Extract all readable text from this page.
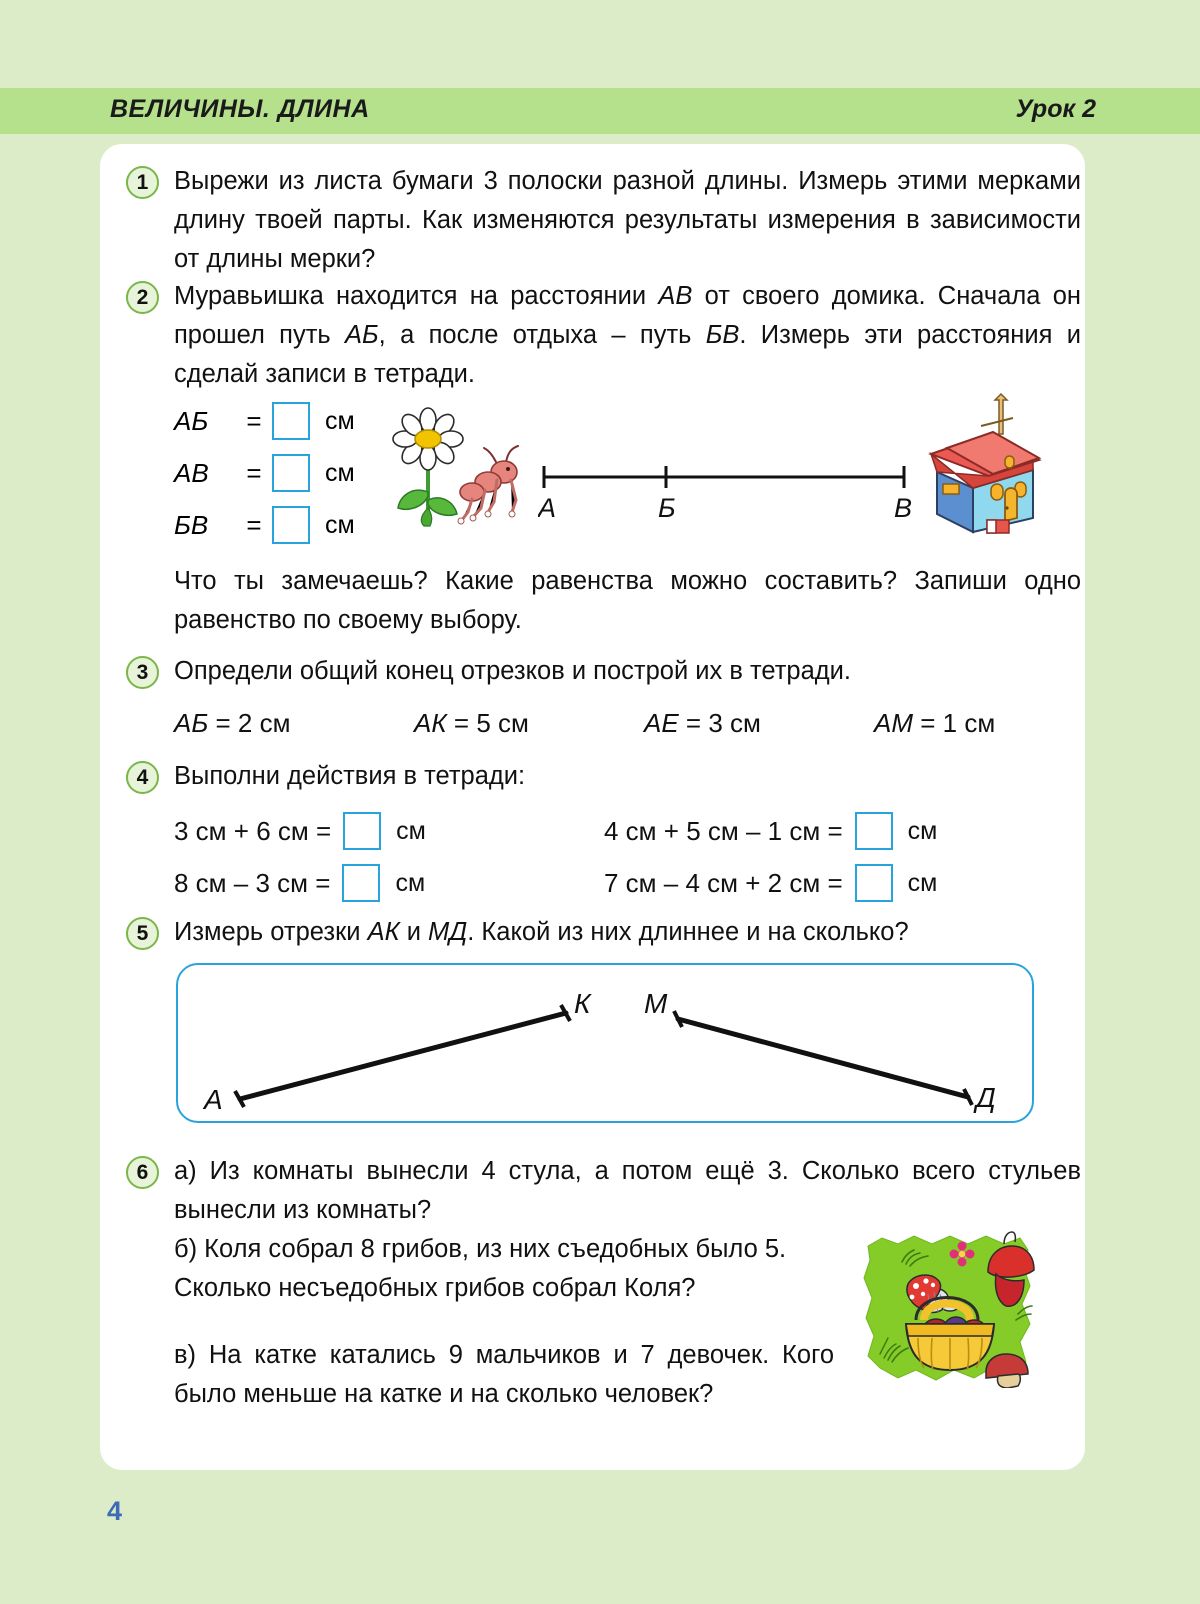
ВЕЛИЧИНЫ. ДЛИНА	Урок 2
1	Вырежи из листа бумаги 3 полоски разной длины. Измерь этими мерками длину твоей парты. Как изменяются результаты измерения в зависимости от длины мерки?
2	Муравьишка находится на расстоянии АВ от своего домика. Сначала он прошел путь АБ, а после отдыха – путь БВ. Измерь эти расстояния и сделай записи в тетради.
АБ	=	см
АВ	=	см
БВ	=	см
А	Б	В
Что ты замечаешь? Какие равенства можно составить? Запиши одно равенство по своему выбору.
3	Определи общий конец отрезков и построй их в тетради.
АБ = 2 см	АК = 5 см	АЕ = 3 см	АМ = 1 см
4	Выполни действия в тетради:
3 см + 6 см =	см	4 см + 5 см – 1 см =	см
8 см – 3 см =	см	7 см – 4 см + 2 см =	см
5	Измерь отрезки АК и МД. Какой из них длиннее и на сколько?
А
К М
Д
6	а) Из комнаты вынесли 4 стула, а потом ещё 3. Сколько всего стульев вынесли из комнаты?
б) Коля собрал 8 грибов, из них съедобных было 5. Сколько несъедобных грибов собрал Коля?
в) На катке катались 9 мальчиков и 7 девочек. Кого было меньше на катке и на сколько человек?
4
